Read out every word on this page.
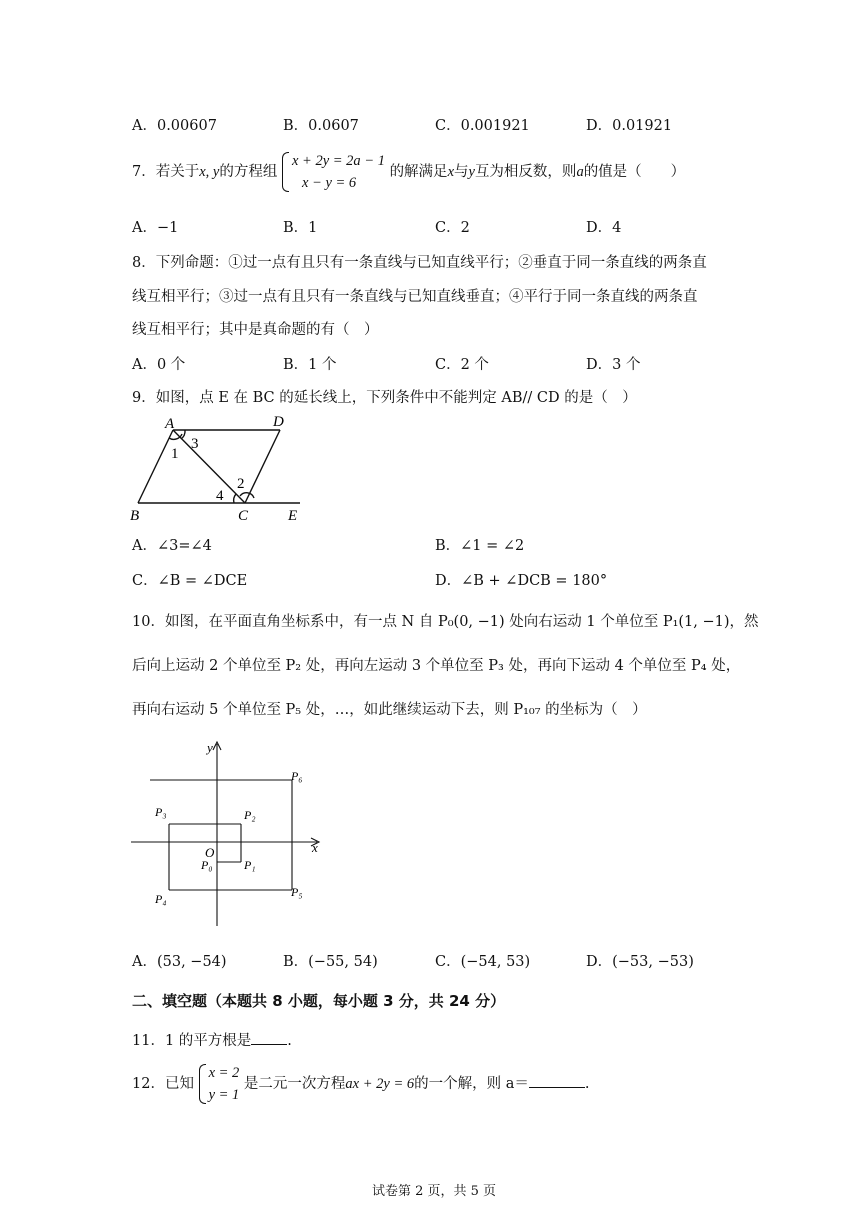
A．0.00607	B．0.0607	C．0.001921	D．0.01921
7．若关于x, y的方程组
x + 2y = 2a − 1
x − y = 6
的解满足x与y互为相反数，则a的值是（　　）
A．−1	B．1	C．2	D．4
8．下列命题：①过一点有且只有一条直线与已知直线平行；②垂直于同一条直线的两条直
线互相平行；③过一点有且只有一条直线与已知直线垂直；④平行于同一条直线的两条直
线互相平行；其中是真命题的有（　）
A．0 个	B．1 个	C．2 个	D．3 个
9．如图，点 E 在 BC 的延长线上，下列条件中不能判定 AB// CD 的是（　）
A	D
B	C	E
1
2
3
4
A．∠3=∠4	B．∠1 = ∠2
C．∠B = ∠DCE	D．∠B + ∠DCB = 180°
10．如图，在平面直角坐标系中，有一点 N 自 P₀(0, −1) 处向右运动 1 个单位至 P₁(1, −1)，然
后向上运动 2 个单位至 P₂ 处，再向左运动 3 个单位至 P₃ 处，再向下运动 4 个单位至 P₄ 处，
再向右运动 5 个单位至 P₅ 处，…，如此继续运动下去，则 P₁₀₇ 的坐标为（　）
y
x
O
P₀	P₁
P₂
P₃
P₄	P₅
P₆
A．(53, −54)	B．(−55, 54)	C．(−54, 53)	D．(−53, −53)
二、填空题（本题共 8 小题，每小题 3 分，共 24 分）
11．1 的平方根是 .
12．已知
x = 2
y = 1
是二元一次方程ax + 2y = 6的一个解，则 a＝	.
试卷第 2 页，共 5 页
